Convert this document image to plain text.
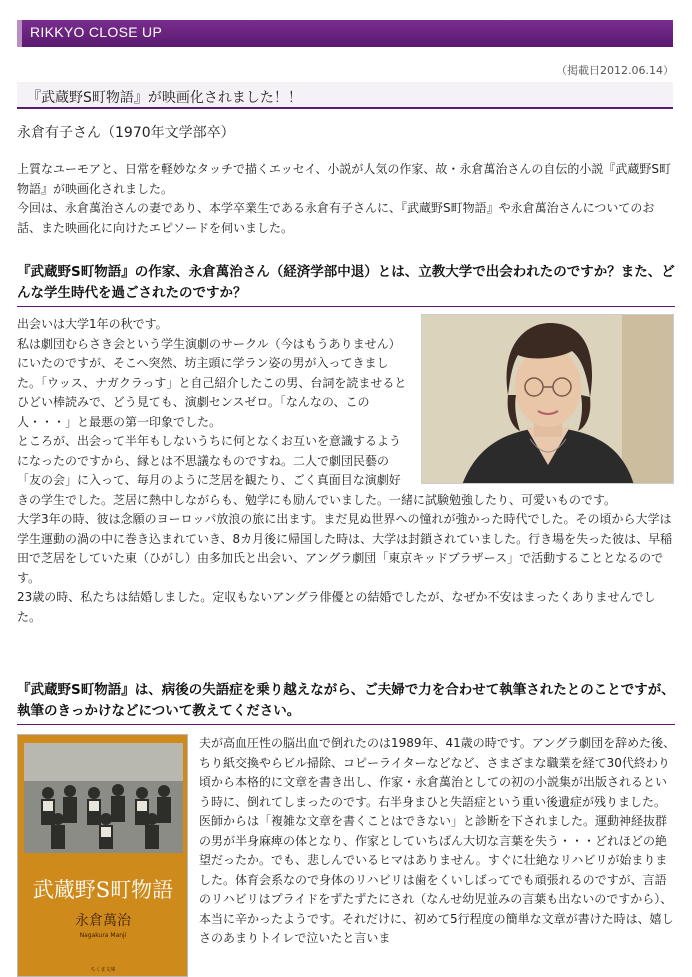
RIKKYO CLOSE UP
（掲載日2012.06.14）
『武蔵野S町物語』が映画化されました！！
永倉有子さん（1970年文学部卒）

上質なユーモアと、日常を軽妙なタッチで描くエッセイ、小説が人気の作家、故・永倉萬治さんの自伝的小説『武蔵野S町物語』が映画化されました。

今回は、永倉萬治さんの妻であり、本学卒業生である永倉有子さんに、『武蔵野S町物語』や永倉萬治さんについてのお話、また映画化に向けたエピソードを伺いました。

『武蔵野S町物語』の作家、永倉萬治さん（経済学部中退）とは、立教大学で出会われたのですか？また、どんな学生時代を過ごされたのですか？

出会いは大学1年の秋です。

私は劇団むらさき会という学生演劇のサークル（今はもうありません）にいたのですが、そこへ突然、坊主頭に学ラン姿の男が入ってきました。「ウッス、ナガクラっす」と自己紹介したこの男、台詞を読ませるとひどい棒読みで、どう見ても、演劇センスゼロ。「なんなの、この人・・・」と最悪の第一印象でした。

ところが、出会って半年もしないうちに何となくお互いを意識するようになったのですから、縁とは不思議なものですね。二人で劇団民藝の「友の会」に入って、毎月のように芝居を観たり、ごく真面目な演劇好きの学生でした。芝居に熱中しながらも、勉学にも励んでいました。一緒に試験勉強したり、可愛いものです。

大学3年の時、彼は念願のヨーロッパ放浪の旅に出ます。まだ見ぬ世界への憧れが強かった時代でした。その頃から大学は学生運動の渦の中に巻き込まれていき、8カ月後に帰国した時は、大学は封鎖されていました。行き場を失った彼は、早稲田で芝居をしていた東（ひがし）由多加氏と出会い、アングラ劇団「東京キッドブラザース」で活動することとなるのです。

23歳の時、私たちは結婚しました。定収もないアングラ俳優との結婚でしたが、なぜか不安はまったくありませんでした。

『武蔵野S町物語』は、病後の失語症を乗り越えながら、ご夫婦で力を合わせて執筆されたとのことですが、執筆のきっかけなどについて教えてください。
武蔵野S町物語
永倉萬治
Nagakura Manji
ちくま文庫

夫が高血圧性の脳出血で倒れたのは1989年、41歳の時です。アングラ劇団を辞めた後、ちり紙交換やらビル掃除、コピーライターなどなど、さまざまな職業を経て30代終わり頃から本格的に文章を書き出し、作家・永倉萬治としての初の小説集が出版されるという時に、倒れてしまったのです。右半身まひと失語症という重い後遺症が残りました。医師からは「複雑な文章を書くことはできない」と診断を下されました。運動神経抜群の男が半身麻痺の体となり、作家としていちばん大切な言葉を失う・・・どれほどの絶望だったか。でも、悲しんでいるヒマはありません。すぐに壮絶なリハビリが始まりました。体育会系なので身体のリハビリは歯をくいしばってでも頑張れるのですが、言語のリハビリはプライドをずたずたにされ（なんせ幼児並みの言葉も出ないのですから）、本当に辛かったようです。それだけに、初めて5行程度の簡単な文章が書けた時は、嬉しさのあまりトイレで泣いたと言いま
